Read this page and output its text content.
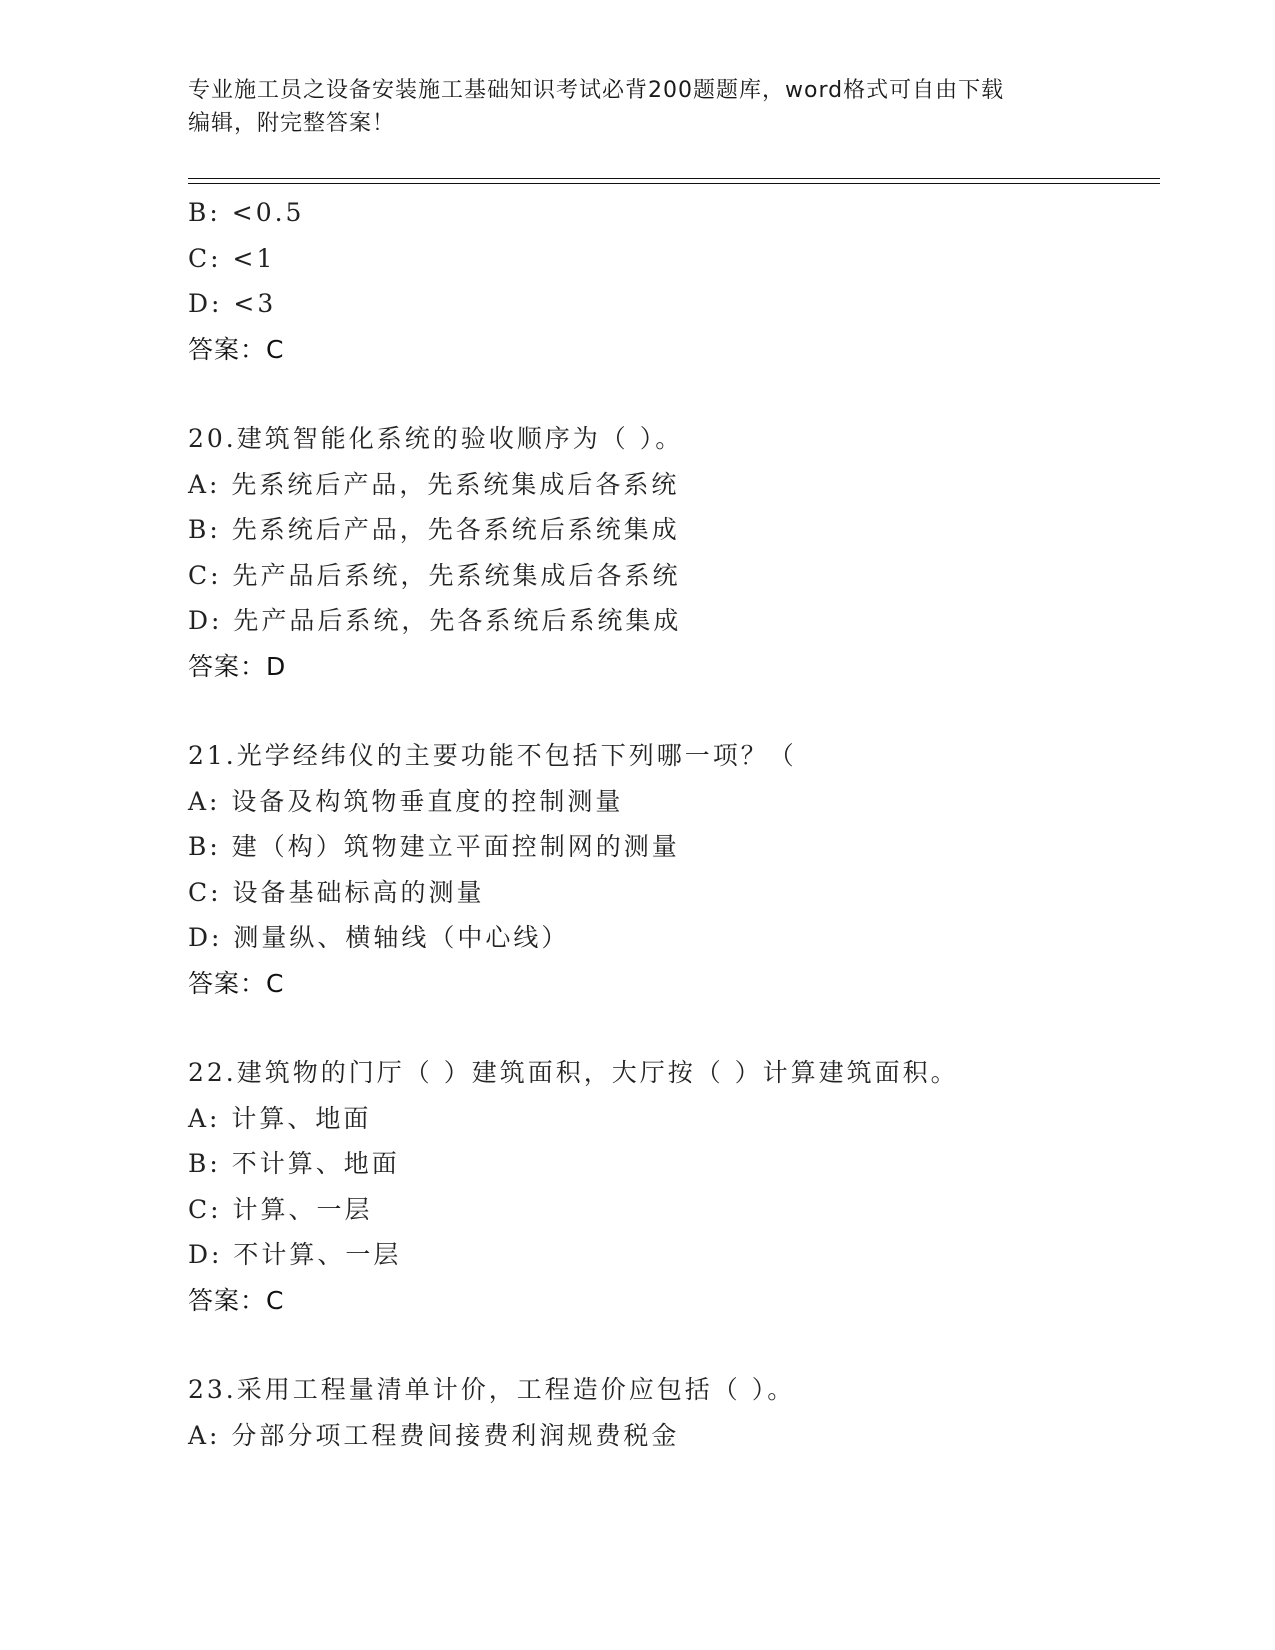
专业施工员之设备安装施工基础知识考试必背200题题库，word格式可自由下载
编辑，附完整答案！
B: <0.5
C: <1
D: <3
答案：C
20.建筑智能化系统的验收顺序为（ ）。
A: 先系统后产品，先系统集成后各系统
B: 先系统后产品，先各系统后系统集成
C: 先产品后系统，先系统集成后各系统
D: 先产品后系统，先各系统后系统集成
答案：D
21.光学经纬仪的主要功能不包括下列哪一项？（
A: 设备及构筑物垂直度的控制测量
B: 建（构）筑物建立平面控制网的测量
C: 设备基础标高的测量
D: 测量纵、横轴线（中心线）
答案：C
22.建筑物的门厅（ ）建筑面积，大厅按（ ）计算建筑面积。
A: 计算、地面
B: 不计算、地面
C: 计算、一层
D: 不计算、一层
答案：C
23.采用工程量清单计价，工程造价应包括（ ）。
A: 分部分项工程费间接费利润规费税金
